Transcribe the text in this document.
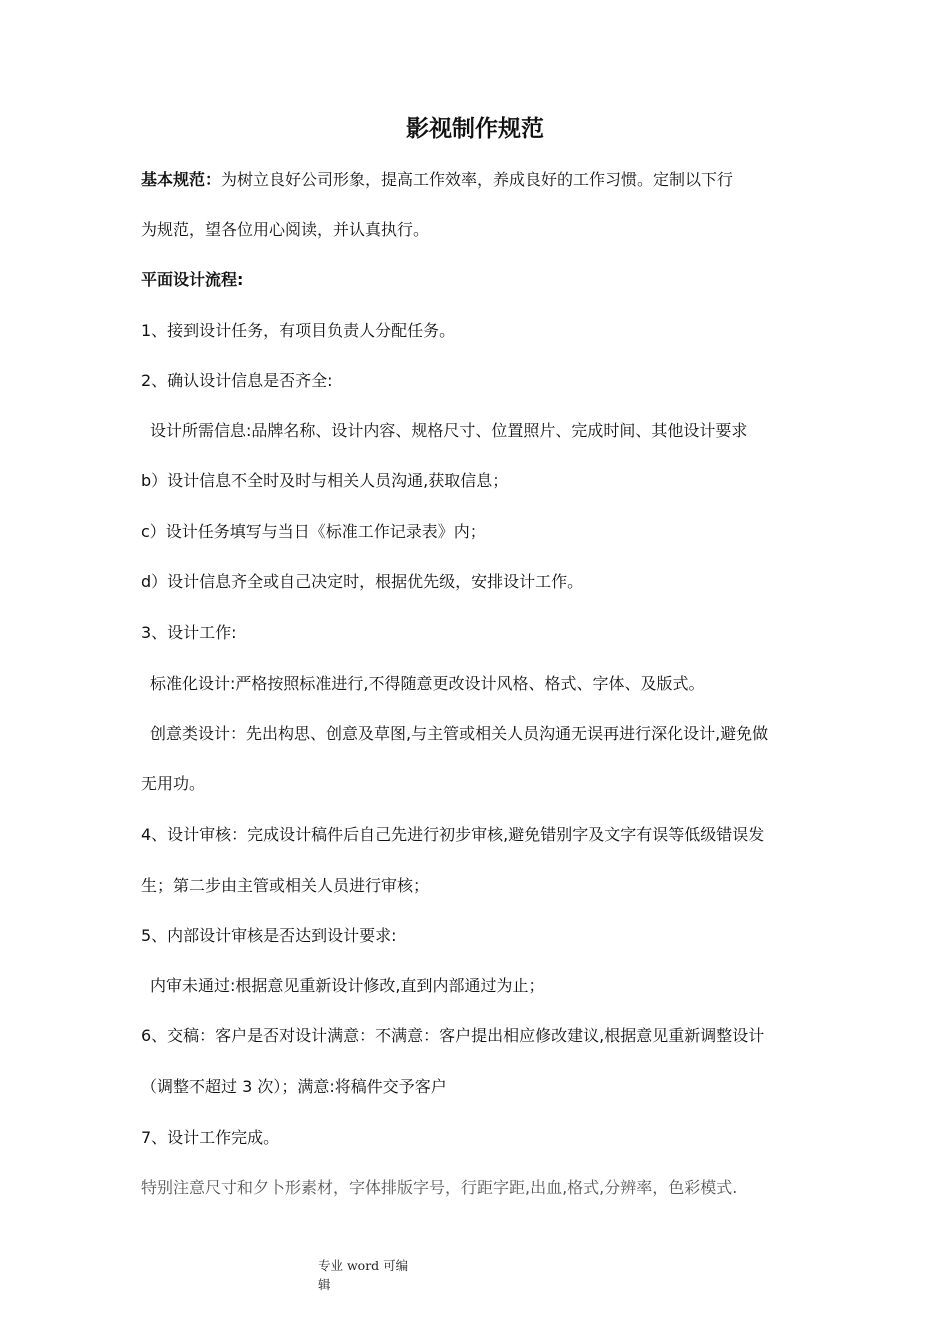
影视制作规范
基本规范：为树立良好公司形象，提高工作效率，养成良好的工作习惯。定制以下行
为规范，望各位用心阅读，并认真执行。
平面设计流程:
1、接到设计任务，有项目负责人分配任务。
2、确认设计信息是否齐全:
设计所需信息:品牌名称、设计内容、规格尺寸、位置照片、完成时间、其他设计要求
b）设计信息不全时及时与相关人员沟通,获取信息；
c）设计任务填写与当日《标准工作记录表》内；
d）设计信息齐全或自己决定时，根据优先级，安排设计工作。
3、设计工作:
标准化设计:严格按照标准进行,不得随意更改设计风格、格式、字体、及版式。
创意类设计：先出构思、创意及草图,与主管或相关人员沟通无误再进行深化设计,避免做
无用功。
4、设计审核：完成设计稿件后自己先进行初步审核,避免错别字及文字有误等低级错误发
生；第二步由主管或相关人员进行审核；
5、内部设计审核是否达到设计要求:
内审未通过:根据意见重新设计修改,直到内部通过为止；
6、交稿：客户是否对设计满意：不满意：客户提出相应修改建议,根据意见重新调整设计
（调整不超过 3 次）；满意:将稿件交予客户
7、设计工作完成。
特别注意尺寸和夕卜形素材，字体排版字号，行距字距,出血,格式,分辨率，色彩模式.
专业 word 可编
辑
